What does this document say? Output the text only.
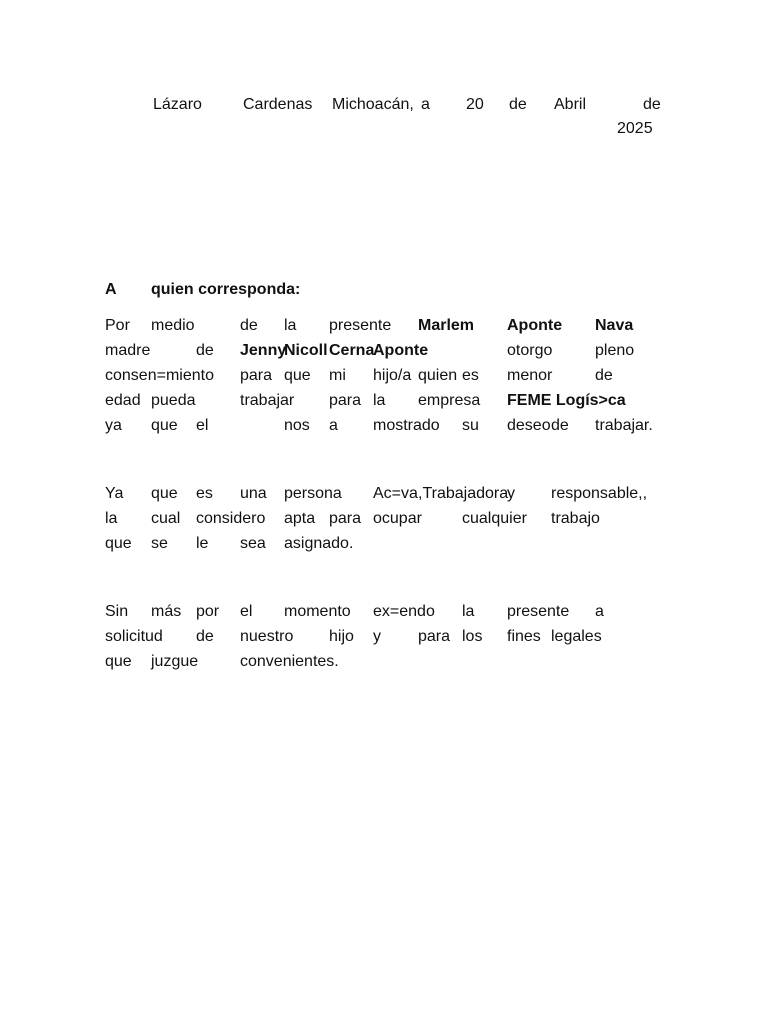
Lázaro	Cardenas Michoacán, a 20 de Abril	de
2025
A quien corresponda:
Por medio	de la presente Marlem Aponte Nava
madre	de Jenny
Nicoll Cerna
Aponte	otorgo	pleno
consen=miento para que mi hijo/a quien es menor	de
edad pueda	trabajar para la empresa FEME Logís>ca
ya que el	nos a mostrado su deseo de trabajar.
Ya que es una persona Ac=va ,Trabajadora
y responsable,,
la cual considero apta para ocupar	cualquier trabajo
que se le sea asignado.
Sin más por el momento ex=endo la presente a
solicitud de nuestro hijo y para los fines legales
que juzgue	convenientes.
